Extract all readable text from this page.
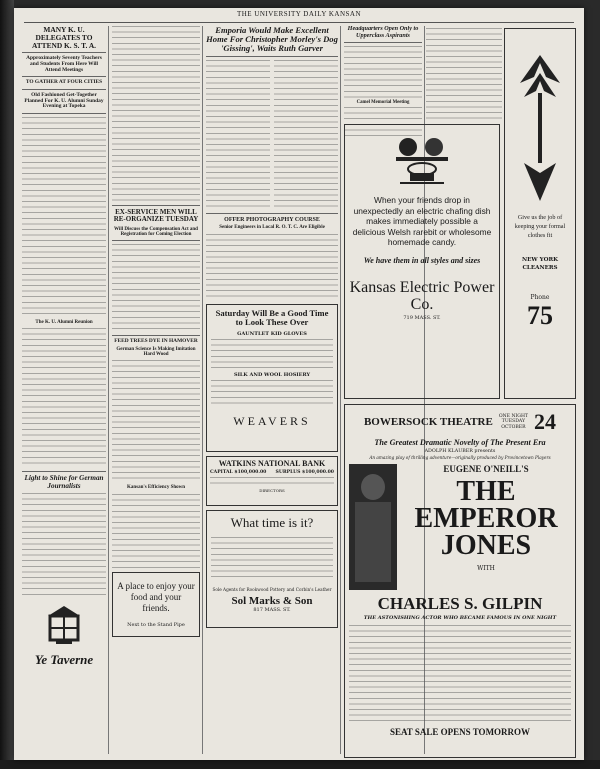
THE UNIVERSITY DAILY KANSAN
MANY K. U. DELEGATES TO ATTEND K. S. T. A.
Approximately Seventy Teachers and Students From Here Will Attend Meetings
TO GATHER AT FOUR CITIES
Old Fashioned Get-Together Planned For K. U. Alumni Sunday Evening at Topeka
The K. U. Alumni Reunion
Light to Shine for German Journalists
Ye Taverne
EX-SERVICE MEN WILL RE-ORGANIZE TUESDAY
Will Discuss the Compensation Act and Registration for Coming Election
FEED TREES DYE IN HAMOVER
German Science Is Making Imitation Hard Wood
Kansan's Efficiency Shown
A place to enjoy your food and your friends.
Next to the Stand Pipe
Emporia Would Make Excellent Home For Christopher Morley's Dog 'Gissing', Waits Ruth Garver
OFFER PHOTOGRAPHY COURSE
Senior Engineers in Local R. O. T. C. Are Eligible
Saturday Will Be a Good Time to Look These Over
GAUNTLET KID GLOVES
SILK AND WOOL HOSIERY
WEAVERS
WATKINS NATIONAL BANK
CAPITAL $100,000.00 SURPLUS $100,000.00
DIRECTORS
What time is it?
Sole Agents for Rookwood Pottery and Corbin's Leather
Sol Marks & Son
817 MASS. ST.
Headquarters Open Only to Upperclass Aspirants
Camel Memorial Meeting
When your friends drop in unexpectedly an electric chafing dish makes immediately possible a delicious Welsh rarebit or wholesome homemade candy.
We have them in all styles and sizes
Kansas Electric Power Co.
719 MASS. ST.
Give us the job of keeping your formal clothes fit
NEW YORK CLEANERS
Phone
75
BOWERSOCK THEATRE ONE NIGHT
TUESDAY
OCTOBER 24
The Greatest Dramatic Novelty of The Present Era
ADOLPH KLAUBER presents
An amazing play of thrilling adventure—originally produced by Provincetown Players
EUGENE O'NEILL'S
THE EMPEROR JONES
WITH
CHARLES S. GILPIN
THE ASTONISHING ACTOR WHO BECAME FAMOUS IN ONE NIGHT
SEAT SALE OPENS TOMORROW
